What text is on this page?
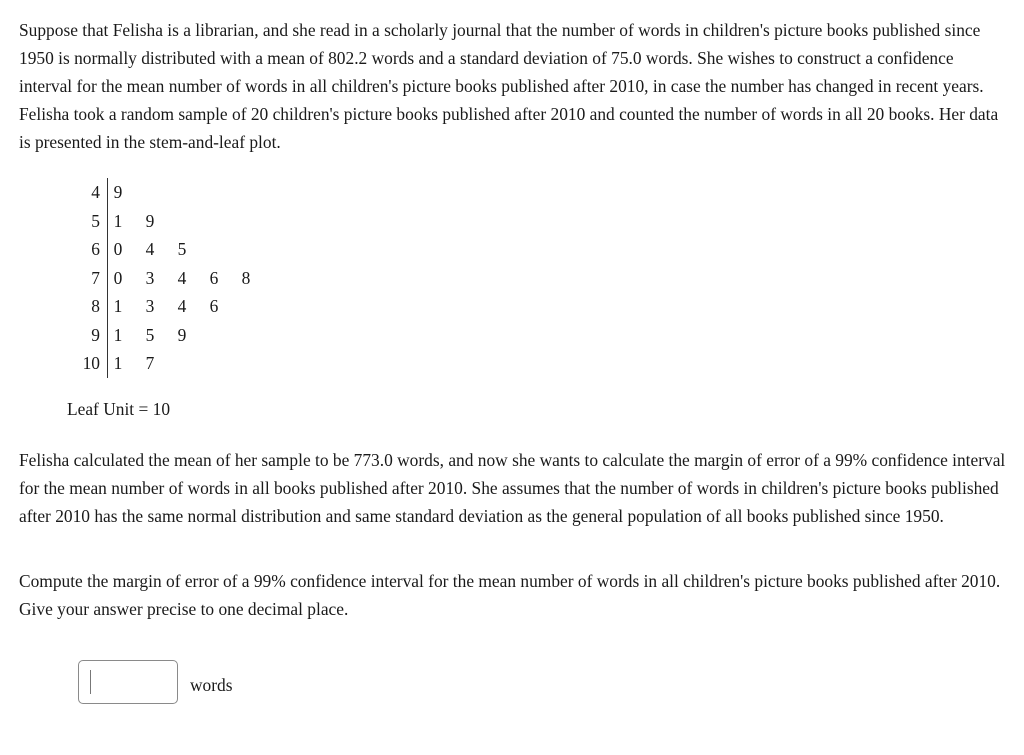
Suppose that Felisha is a librarian, and she read in a scholarly journal that the number of words in children's picture books published since 1950 is normally distributed with a mean of 802.2 words and a standard deviation of 75.0 words. She wishes to construct a confidence interval for the mean number of words in all children's picture books published after 2010, in case the number has changed in recent years. Felisha took a random sample of 20 children's picture books published after 2010 and counted the number of words in all 20 books. Her data is presented in the stem-and-leaf plot.

4 9
5 1	9
6 0	4	5
7 0	3	4	6	8
8 1	3	4	6
9 1	5	9
10 1	7
Leaf Unit = 10

Felisha calculated the mean of her sample to be 773.0 words, and now she wants to calculate the margin of error of a 99% confidence interval for the mean number of words in all books published after 2010. She assumes that the number of words in children's picture books published after 2010 has the same normal distribution and same standard deviation as the general population of all books published since 1950.

Compute the margin of error of a 99% confidence interval for the mean number of words in all children's picture books published after 2010. Give your answer precise to one decimal place.

words
